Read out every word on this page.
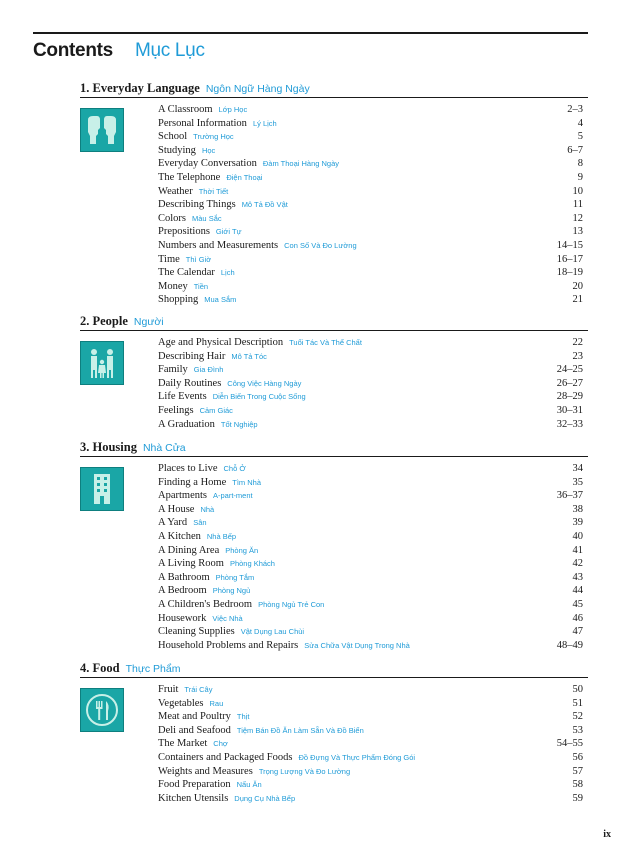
Contents Mục Lục
1. Everyday Language Ngôn Ngữ Hàng Ngày
A Classroom Lớp Học	2–3
Personal Information Lý Lịch	4
School Trường Học	5
Studying Học	6–7
Everyday Conversation Đàm Thoại Hàng Ngày	8
The Telephone Điện Thoại	9
Weather Thời Tiết	10
Describing Things Mô Tả Đồ Vật	11
Colors Màu Sắc	12
Prepositions Giới Tự	13
Numbers and Measurements Con Số Và Đo Lường	14–15
Time Thì Giờ	16–17
The Calendar Lịch	18–19
Money Tiền	20
Shopping Mua Sắm	21
2. People Người
Age and Physical Description Tuổi Tác Và Thể Chất	22
Describing Hair Mô Tả Tóc	23
Family Gia Đình	24–25
Daily Routines Công Việc Hàng Ngày	26–27
Life Events Diễn Biến Trong Cuộc Sống	28–29
Feelings Cảm Giác	30–31
A Graduation Tốt Nghiệp	32–33
3. Housing Nhà Cửa
Places to Live Chỗ Ở	34
Finding a Home Tìm Nhà	35
Apartments A-part-ment	36–37
A House Nhà	38
A Yard Sân	39
A Kitchen Nhà Bếp	40
A Dining Area Phòng Ăn	41
A Living Room Phòng Khách	42
A Bathroom Phòng Tắm	43
A Bedroom Phòng Ngủ	44
A Children's Bedroom Phòng Ngủ Trẻ Con	45
Housework Việc Nhà	46
Cleaning Supplies Vật Dụng Lau Chùi	47
Household Problems and Repairs Sửa Chữa Vật Dụng Trong Nhà	48–49
4. Food Thực Phẩm
Fruit Trái Cây	50
Vegetables Rau	51
Meat and Poultry Thịt	52
Deli and Seafood Tiệm Bán Đồ Ăn Làm Sẵn Và Đồ Biển	53
The Market Chợ	54–55
Containers and Packaged Foods Đồ Đựng Và Thực Phẩm Đóng Gói	56
Weights and Measures Trọng Lượng Và Đo Lường	57
Food Preparation Nấu Ăn	58
Kitchen Utensils Dụng Cụ Nhà Bếp	59
ix
